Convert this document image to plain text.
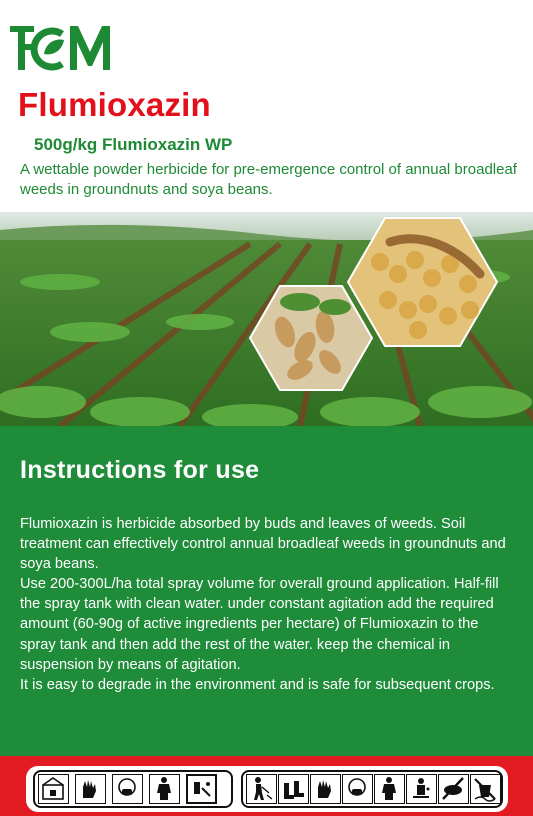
Flumioxazin
500g/kg Flumioxazin WP

A wettable powder herbicide for pre-emergence control of annual broadleaf weeds in groundnuts and soya beans.

Instructions for use

Flumioxazin is herbicide absorbed by buds and leaves of weeds. Soil treatment can effectively control annual broadleaf weeds in groundnuts and soya beans.

Use 200-300L/ha total spray volume for overall ground application. Half-fill the spray tank with clean water. under constant agitation add the required amount (60-90g of active ingredients per hectare) of Flumioxazin to the spray tank and then add the rest of the water. keep the chemical in suspension by means of agitation.

It is easy to degrade in the environment and is safe for subsequent crops.
